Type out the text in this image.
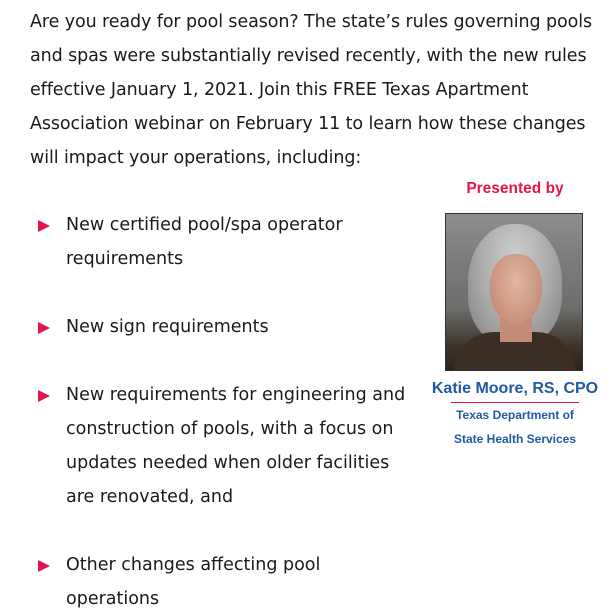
Are you ready for pool season? The state’s rules governing pools and spas were substantially revised recently, with the new rules effective January 1, 2021. Join this FREE Texas Apartment Association webinar on February 11 to learn how these changes will impact your operations, including:
New certified pool/spa operator requirements
New sign requirements
New requirements for engineering and construction of pools, with a focus on updates needed when older facilities are renovated, and
Other changes affecting pool operations
Presented by
Katie Moore, RS, CPO
Texas Department of
State Health Services
